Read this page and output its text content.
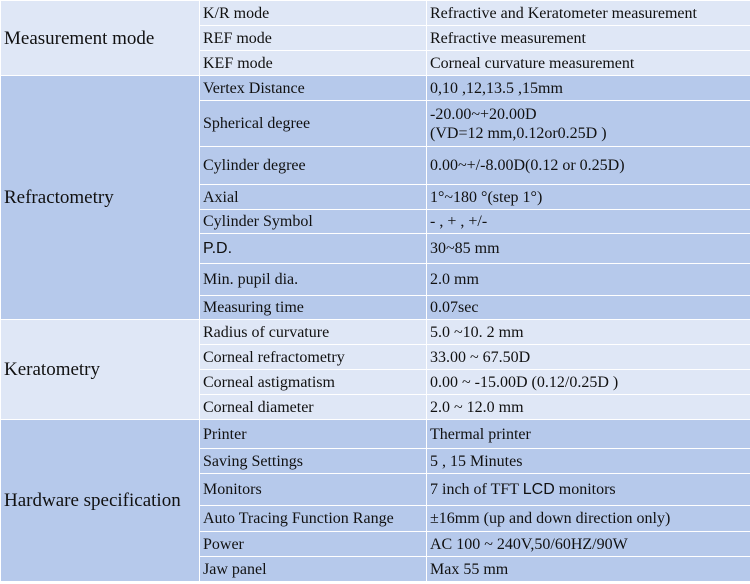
Measurement mode	K/R mode	Refractive and Keratometer measurement
	REF mode	Refractive measurement
	KEF mode	Corneal curvature measurement
Refractometry	Vertex Distance	0,10 ,12,13.5 ,15mm
	Spherical degree	-20.00~+20.00D
(VD=12 mm,0.12or0.25D )

	Cylinder degree	0.00~+/-8.00D(0.12 or 0.25D)
	Axial	1°~180 °(step 1°)
	Cylinder Symbol	- , + , +/-
	P.D.	30~85 mm
	Min. pupil dia.	2.0 mm
	Measuring time	0.07sec
Keratometry	Radius of curvature	5.0 ~10. 2 mm
	Corneal refractometry	33.00 ~ 67.50D
	Corneal astigmatism	0.00 ~ -15.00D (0.12/0.25D )
	Corneal diameter	2.0 ~ 12.0 mm
Hardware specification	Printer	Thermal printer
	Saving Settings	5 , 15 Minutes
	Monitors	7 inch of TFT LCD monitors
	Auto Tracing Function Range	±16mm (up and down direction only)
	Power	AC 100 ~ 240V,50/60HZ/90W
	Jaw panel	Max 55 mm
